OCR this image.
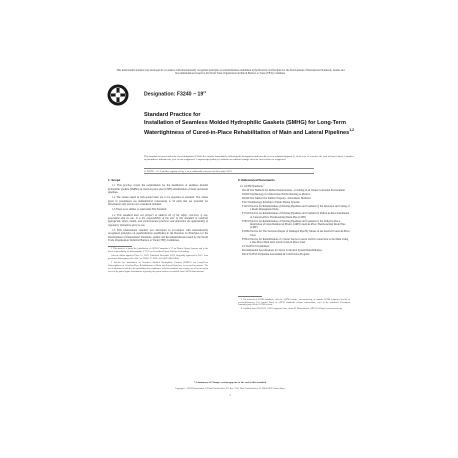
This international standard was developed in accordance with internationally recognized principles on standardization established in the Decision on Principles for the Development of International Standards, Guides and Recommendations issued by the World Trade Organization Technical Barriers to Trade (TBT) Committee.
Designation: $F3240 - 19^{\varepsilon 1}$
Standard Practice for
Installation of Seamless Molded Hydrophilic Gaskets (SMHG) for Long-Term Watertightness of Cured-in-Place Rehabilitation of Main and Lateral Pipelines$^{1,2}$
This standard is issued under the fixed designation F3240; the number immediately following the designation indicates the year of original adoption or, in the case of revision, the year of last revision. A number in parentheses indicates the year of last reapproval. A superscript epsilon (ε) indicates an editorial change since the last revision or reapproval.
ε1 NOTE—3.1.2 and the caption of Fig. 1 were editorially corrected in December 2019.
1. Scope

1.1 This practice covers the requirements for the installation of seamless molded hydrophilic gaskets (SMHG) in cured-in-place pipe (CIPP) rehabilitation of main and lateral pipelines.

1.2 The values stated in inch-pound units are to be regarded as standard. The values given in parentheses are mathematical conversions to SI units that are provided for information only and are not considered standard.

1.3 There is no similar or equivalent ISO Standard.

1.4 This standard does not purport to address all of the safety concerns, if any, associated with its use. It is the responsibility of the user of this standard to establish appropriate safety, health, and environmental practices and determine the applicability of regulatory limitations prior to use.

1.5 This international standard was developed in accordance with internationally recognized principles on standardization established in the Decision on Principles for the Development of International Standards, Guides and Recommendations issued by the World Trade Organization Technical Barriers to Trade (TBT) Committee.

1 This practice is under the jurisdiction of ASTM Committee F17 on Plastic Piping Systems and is the direct responsibility of Subcommittee F17.67 on Trenchless Plastic Pipeline Technology.

Current edition approved Nov. 15, 2019. Published December 2019. Originally approved in 2017. Last previous edition approved in 2017 as F3240–17. DOI: 10.1520/F3240-19E01.

2 Patents for Installation of Seamless Molded Hydrophilic Gaskets (SMHG) for Long-Term Watertightness of Cured-in-Place Rehabilitation of Main and Lateral Pipelines, is covered by patents. The user's attention is called to the possibility that compliance with this standard may require use of an invention covered by patent rights. Information regarding the patent holders is available from ASTM International.

2. Referenced Documents
2.1 ASTM Standards:$^3$
D1149 Test Methods for Rubber Deterioration—Cracking in an Ozone Controlled Environment
D1600 Terminology for Abbreviated Terms Relating to Plastics
D2240 Test Method for Rubber Property—Durometer Hardness
F412 Terminology Relating to Plastic Piping Systems
F1216 Practice for Rehabilitation of Existing Pipelines and Conduits by the Inversion and Curing of a Resin-Impregnated Tube
F1743 Practice for Rehabilitation of Existing Pipelines and Conduits by Pulled-in-Place Installation of Cured-in-Place Thermosetting Resin Pipe (CIPP)
F2019 Practice for Rehabilitation of Existing Pipelines and Conduits by the Pulled in Place Installation of Glass Reinforced Plastic (GRP) Cured-in-Place Thermosetting Resin Pipe (CIPP)
F2599 Practice for The Sectional Repair of Damaged Pipe By Means of An Inverted Cured-In-Place Liner
F2561 Practice for Rehabilitation of a Sewer Service Lateral and Its Connection to the Main Using a One Piece Main and Lateral Cured-in-Place Liner
2.2 NASSCO Guidelines:
Recommended Specifications for Sewer Collection System Rehabilitation.
PACP NASSCO Pipeline Assessment & Certification Program

3 For referenced ASTM standards, visit the ASTM website, www.astm.org, or contact ASTM Customer Service at service@astm.org. For Annual Book of ASTM Standards volume information, refer to the standard's Document Summary page on the ASTM website.

4 Available from NASSCO, 2470 Longstone Lane, Suite M, Marriottsville, MD 21104 http://www.nassco.org.

*A Summary of Changes section appears at the end of this standard
Copyright © ASTM International, 100 Barr Harbor Drive, PO Box C700, West Conshohocken, PA 19428-2959. United States
1
